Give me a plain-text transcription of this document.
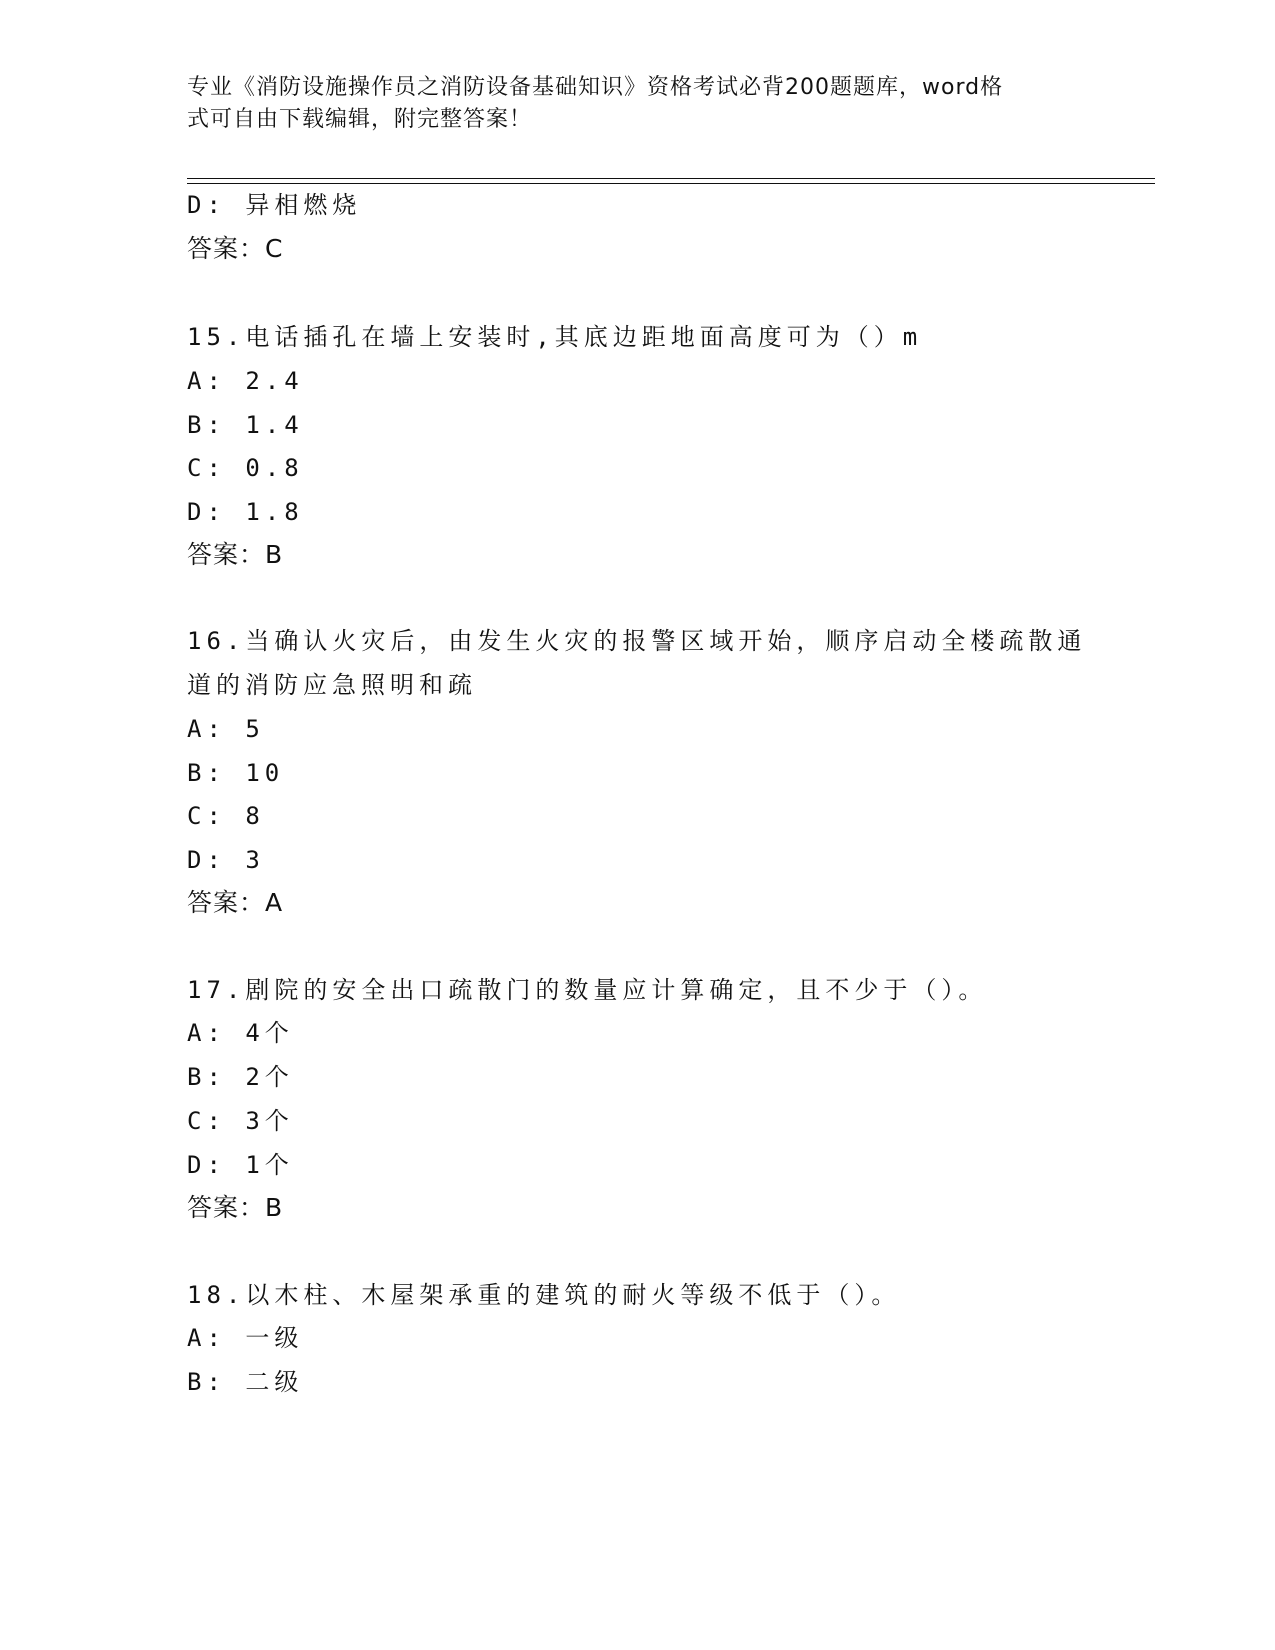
专业《消防设施操作员之消防设备基础知识》资格考试必背200题题库，word格
式可自由下载编辑，附完整答案！
D: 异相燃烧
答案：C
15.电话插孔在墙上安装时,其底边距地面高度可为（）m
A: 2.4
B: 1.4
C: 0.8
D: 1.8
答案：B
16.当确认火灾后，由发生火灾的报警区域开始，顺序启动全楼疏散通
道的消防应急照明和疏
A: 5
B: 10
C: 8
D: 3
答案：A
17.剧院的安全出口疏散门的数量应计算确定，且不少于（）。
A: 4个
B: 2个
C: 3个
D: 1个
答案：B
18.以木柱、木屋架承重的建筑的耐火等级不低于（）。
A: 一级
B: 二级
